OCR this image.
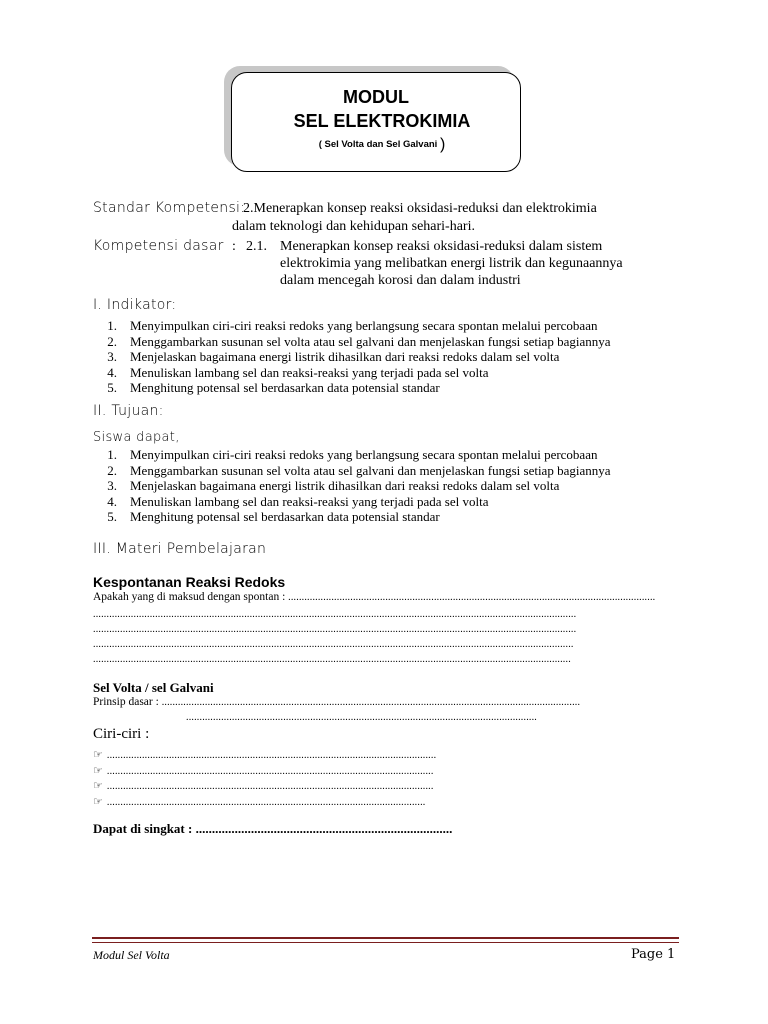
MODUL
SEL ELEKTROKIMIA
( Sel Volta dan Sel Galvani )
Standar Kompetensi:
2.Menerapkan konsep reaksi oksidasi-reduksi dan elektrokimia
dalam teknologi dan kehidupan sehari-hari.
Kompetensi dasar : 2.1. Menerapkan konsep reaksi oksidasi-reduksi dalam sistem
elektrokimia yang melibatkan energi listrik dan kegunaannya
dalam mencegah korosi dan dalam industri
I. Indikator:
1. Menyimpulkan ciri-ciri reaksi redoks yang berlangsung secara spontan melalui percobaan
2. Menggambarkan susunan sel volta atau sel galvani dan menjelaskan fungsi setiap bagiannya
3. Menjelaskan bagaimana energi listrik dihasilkan dari reaksi redoks dalam sel volta
4. Menuliskan lambang sel dan reaksi-reaksi yang terjadi pada sel volta
5. Menghitung potensal sel berdasarkan data potensial standar
II. Tujuan:
Siswa dapat,
1. Menyimpulkan ciri-ciri reaksi redoks yang berlangsung secara spontan melalui percobaan
2. Menggambarkan susunan sel volta atau sel galvani dan menjelaskan fungsi setiap bagiannya
3. Menjelaskan bagaimana energi listrik dihasilkan dari reaksi redoks dalam sel volta
4. Menuliskan lambang sel dan reaksi-reaksi yang terjadi pada sel volta
5. Menghitung potensal sel berdasarkan data potensial standar
III. Materi Pembelajaran
Kespontanan Reaksi Redoks
Apakah yang di maksud dengan spontan : ........................................................................................................................................
...................................................................................................................................................................................
...................................................................................................................................................................................
..................................................................................................................................................................................
.................................................................................................................................................................................
Sel Volta / sel Galvani
Prinsip dasar : ...........................................................................................................................................................
..................................................................................................................................
Ciri-ciri :
☞ ..........................................................................................................................
☞ .........................................................................................................................
☞ .........................................................................................................................
☞ ......................................................................................................................
Dapat di singkat : ...............................................................................
Modul Sel Volta	Page 1
